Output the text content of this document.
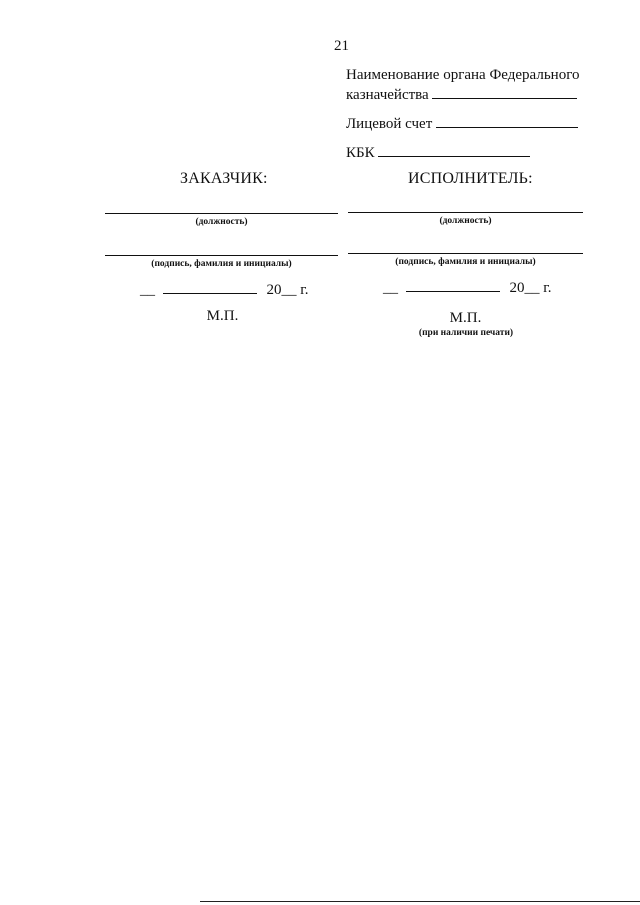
21
Наименование органа Федерального
казначейства
Лицевой счет
КБК
ЗАКАЗЧИК:
(должность)
(подпись, фамилия и инициалы)
__	20__ г.
М.П.
ИСПОЛНИТЕЛЬ:
(должность)
(подпись, фамилия и инициалы)
__	20__ г.
М.П.
(при наличии печати)
